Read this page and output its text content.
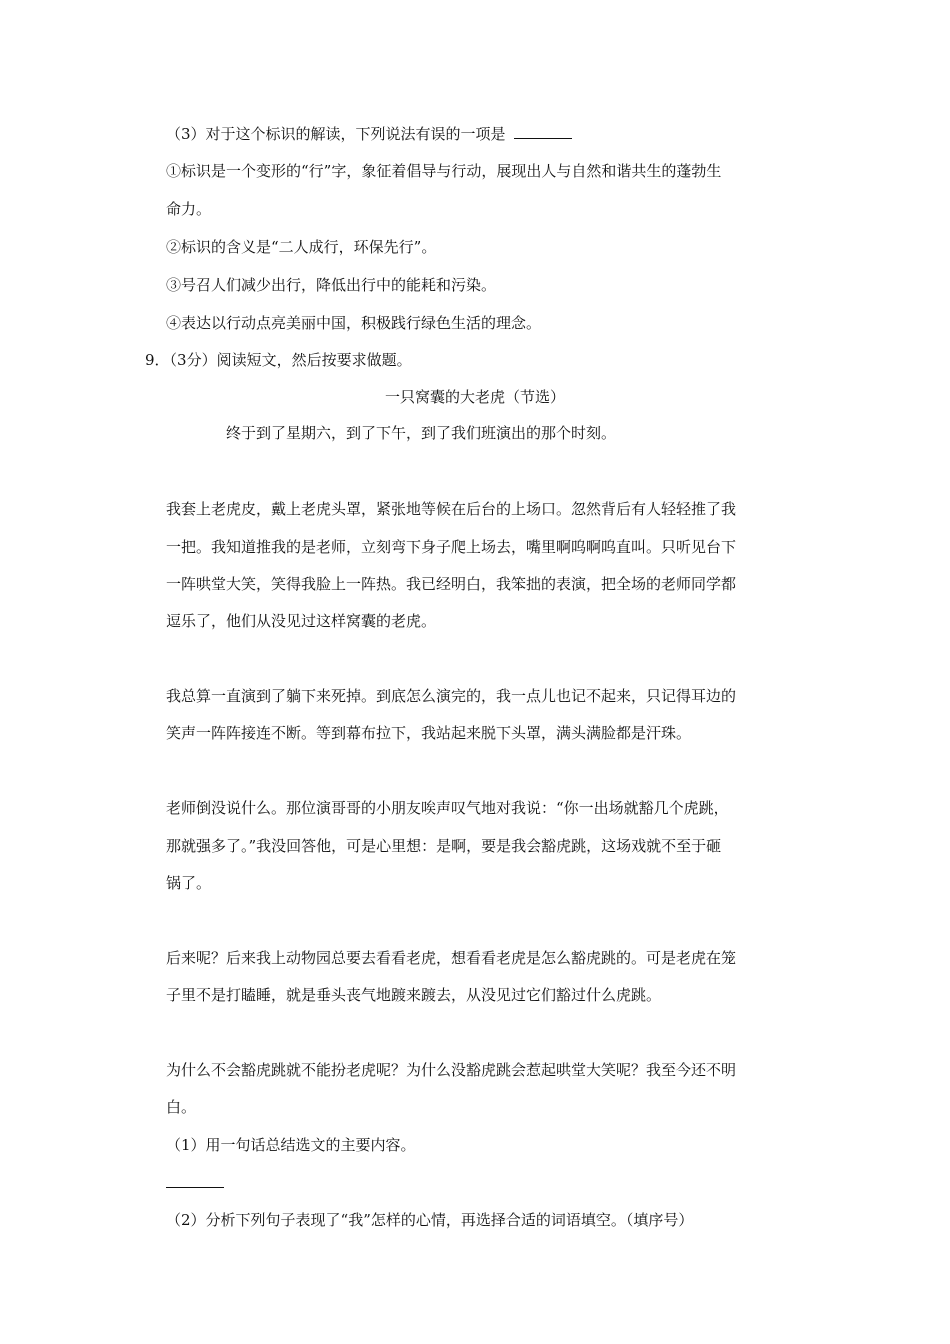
（3）对于这个标识的解读，下列说法有误的一项是
①标识是一个变形的“行”字，象征着倡导与行动，展现出人与自然和谐共生的蓬勃生
命力。
②标识的含义是“二人成行，环保先行”。
③号召人们减少出行，降低出行中的能耗和污染。
④表达以行动点亮美丽中国，积极践行绿色生活的理念。
9．（3分）阅读短文，然后按要求做题。
一只窝囊的大老虎（节选）
终于到了星期六，到了下午，到了我们班演出的那个时刻。
我套上老虎皮，戴上老虎头罩，紧张地等候在后台的上场口。忽然背后有人轻轻推了我
一把。我知道推我的是老师，立刻弯下身子爬上场去，嘴里啊呜啊呜直叫。只听见台下
一阵哄堂大笑，笑得我脸上一阵热。我已经明白，我笨拙的表演，把全场的老师同学都
逗乐了，他们从没见过这样窝囊的老虎。
我总算一直演到了躺下来死掉。到底怎么演完的，我一点儿也记不起来，只记得耳边的
笑声一阵阵接连不断。等到幕布拉下，我站起来脱下头罩，满头满脸都是汗珠。
老师倒没说什么。那位演哥哥的小朋友唉声叹气地对我说：“你一出场就豁几个虎跳，
那就强多了。”我没回答他，可是心里想：是啊，要是我会豁虎跳，这场戏就不至于砸
锅了。
后来呢？后来我上动物园总要去看看老虎，想看看老虎是怎么豁虎跳的。可是老虎在笼
子里不是打瞌睡，就是垂头丧气地踱来踱去，从没见过它们豁过什么虎跳。
为什么不会豁虎跳就不能扮老虎呢？为什么没豁虎跳会惹起哄堂大笑呢？我至今还不明
白。
（1）用一句话总结选文的主要内容。
（2）分析下列句子表现了“我”怎样的心情，再选择合适的词语填空。（填序号）
